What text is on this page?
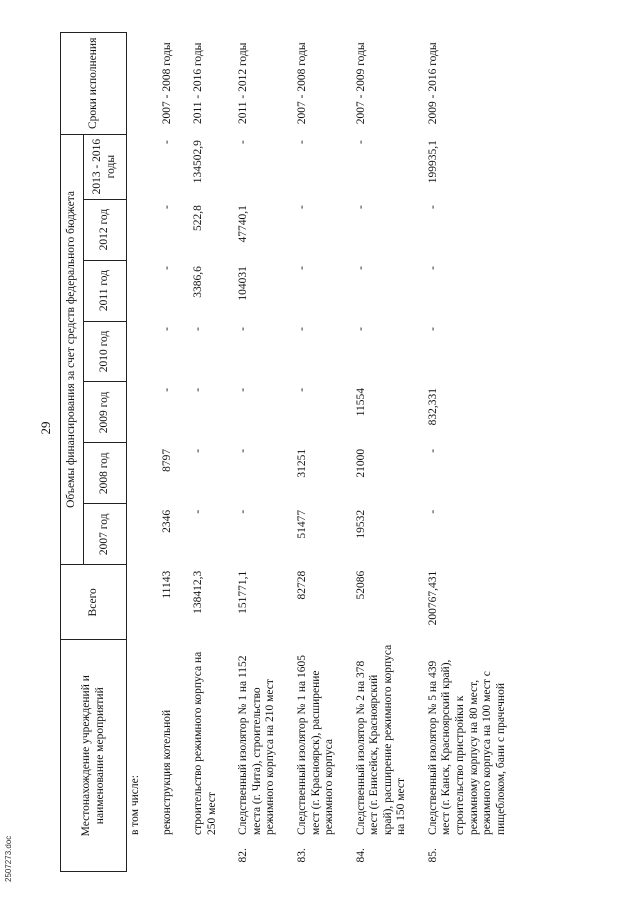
29
Местонахождение учреждений и наименование мероприятий		Всего	Объемы финансирования за счет средств федерального бюджета							Сроки исполнения
			2007 год	2008 год	2009 год	2010 год	2011 год	2012 год	2013 - 2016 годы	
	в том числе:									
	реконструкция котельной	11143	2346	8797	-	-	-	-	-	2007 - 2008 годы
	строительство режимного корпуса на 250 мест	138412,3	-	-	-	-	3386,6	522,8	134502,9	2011 - 2016 годы
82.	Следственный изолятор № 1 на 1152 места (г. Чита), строительство режимного корпуса на 210 мест	151771,1	-	-	-	-	104031	47740,1	-	2011 - 2012 годы
83.	Следственный изолятор № 1 на 1605 мест (г. Красноярск), расширение режимного корпуса	82728	51477	31251	-	-	-	-	-	2007 - 2008 годы
84.	Следственный изолятор № 2 на 378 мест (г. Енисейск, Красноярский край), расширение режимного корпуса на 150 мест	52086	19532	21000	11554	-	-	-	-	2007 - 2009 годы
85.	Следственный изолятор № 5 на 439 мест (г. Канск, Красноярский край), строительство пристройки к режимному корпусу на 80 мест, режимного корпуса на 100 мест с пищеблоком, бани с прачечной	200767,431	-	-	832,331	-	-	-	199935,1	2009 - 2016 годы
2507273.doc
